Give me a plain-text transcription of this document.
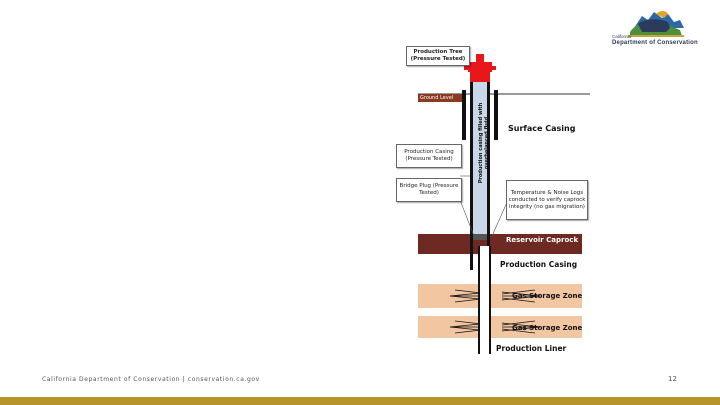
California
Department of Conservation
Production Tree (Pressure Tested)
Ground Level
Production casing filled with overbalanced fluid Surface Casing
Production Casing (Pressure Tested)
Bridge Plug (Pressure Tested)	Temperature & Noise Logs conducted to verify caprock integrity (no gas migration)
Reservoir Caprock
Production Casing
Gas Storage Zone
Gas Storage Zone
Production Liner
California Department of Conservation | conservation.ca.gov	12
